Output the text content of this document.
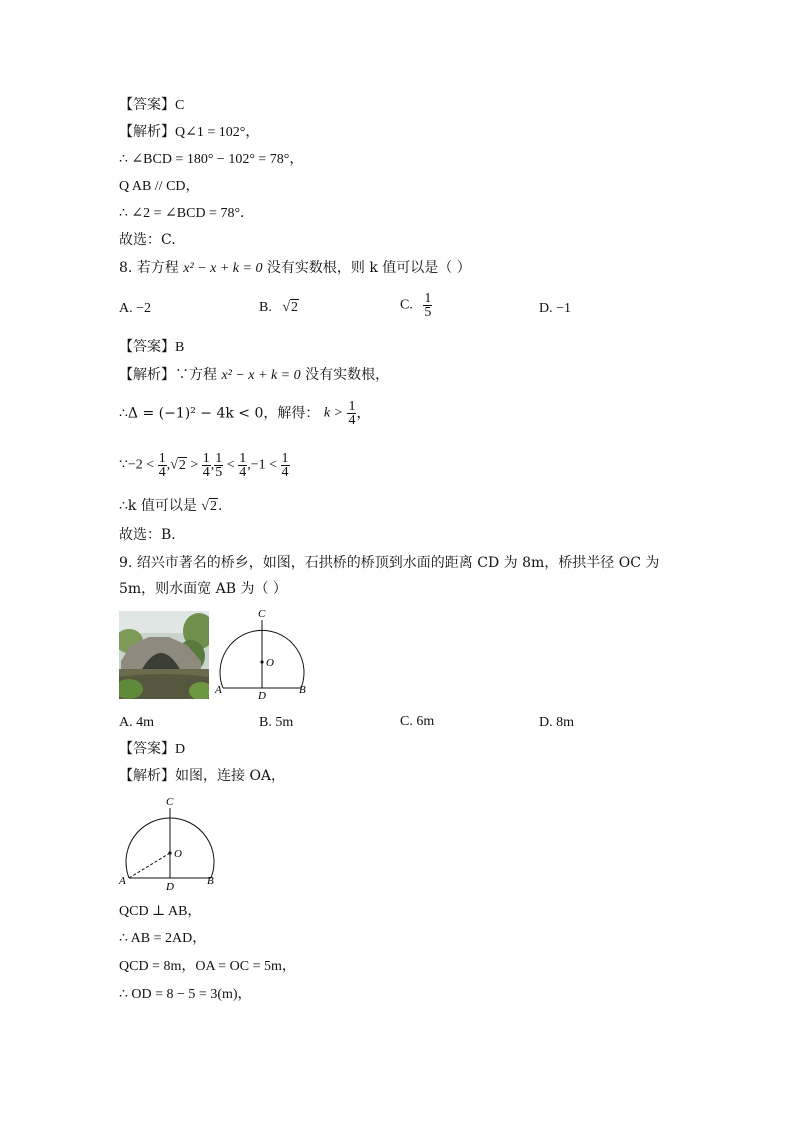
【答案】C
【解析】Q∠1 = 102°，
∴ ∠BCD = 180° − 102° = 78°，
Q AB // CD，
∴ ∠2 = ∠BCD = 78°．
故选：C.
8. 若方程 x² − x + k = 0 没有实数根，则 k 值可以是（ ）
A. −2	B. √2	C. $\frac{1}{5}$	D. −1
【答案】B
【解析】∵方程 x² − x + k = 0 没有实数根，
∴Δ = (−1)² − 4k < 0，解得： $k > \frac{1}{4}$ ，
∵−2 < $\frac{1}{4} ,√2 > \frac{1}{4}$ , $\frac{1}{5} < \frac{1}{4} ,-1 < \frac{1}{4}$
∴k 值可以是 √2.
故选：B.
9. 绍兴市著名的桥乡，如图，石拱桥的桥顶到水面的距离 CD 为 8m，桥拱半径 OC 为
5m，则水面宽 AB 为（ ）
C
O
A	B
D
A. 4m	B. 5m	C. 6m	D. 8m
【答案】D
【解析】如图，连接 OA，
C
O
A	B
D
QCD ⊥ AB，
∴ AB = 2AD，
QCD = 8m，OA = OC = 5m，
∴ OD = 8 − 5 = 3(m)，
